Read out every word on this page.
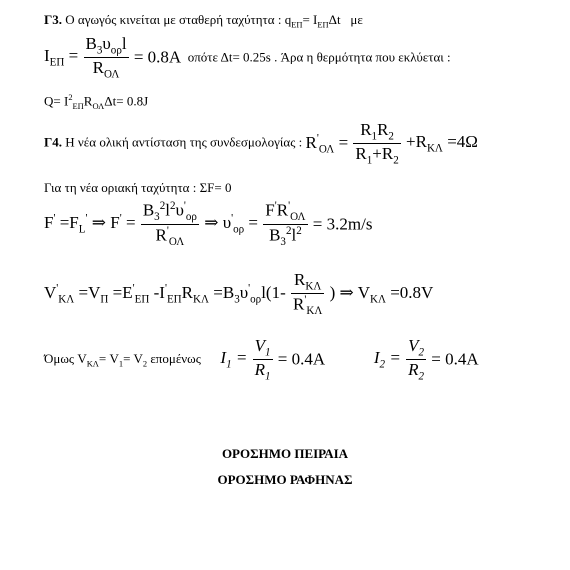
Γ3. Ο αγωγός κινείται με σταθερή ταχύτητα : $q_{E\Pi}= I_{E\Pi}\Delta t$ με
$I_{E\Pi} = \frac{B_3\upsilon_{o\rho}l}{R_{O\Lambda}} = 0.8A$ οπότε Δt= 0.25s . Άρα η θερμότητα που εκλύεται :
$Q= I^2_{E\Pi}R_{O\Lambda}\Delta t= 0.8J$
Γ4. Η νέα ολική αντίσταση της συνδεσμολογίας : $R'_{O\Lambda} = \frac{R_1R_2}{R_1+R_2} +R_{K\Lambda} =4\Omega$
Για τη νέα οριακή ταχύτητα : ΣF= 0
$F' =F_L'$ ⇒ $F' = \frac{B_3^2l^2\upsilon'_{o\rho}}{R'_{O\Lambda}}$ ⇒ $\upsilon'_{o\rho} = \frac{F'R'_{O\Lambda}}{B_3^2l^2} = 3.2m/s$
$V'_{K\Lambda} =V_\Pi =E'_{E\Pi}$ $-I'_{E\Pi}R_{K\Lambda} =B_3\upsilon'_{o\rho}l(1- \frac{R_{K\Lambda}}{R'_{K\Lambda}}$ ) ⇒ $V_{K\Lambda} =0.8V$
Όμως $V_{K\Lambda}= V_1= V_2$ επομένως $I_1 = \frac{V_1}{R_1} = 0.4A$	$I_2 = \frac{V_2}{R_2} = 0.4A$
ΟΡΟΣΗΜΟ ΠΕΙΡΑΙΑ
ΟΡΟΣΗΜΟ ΡΑΦΗΝΑΣ
